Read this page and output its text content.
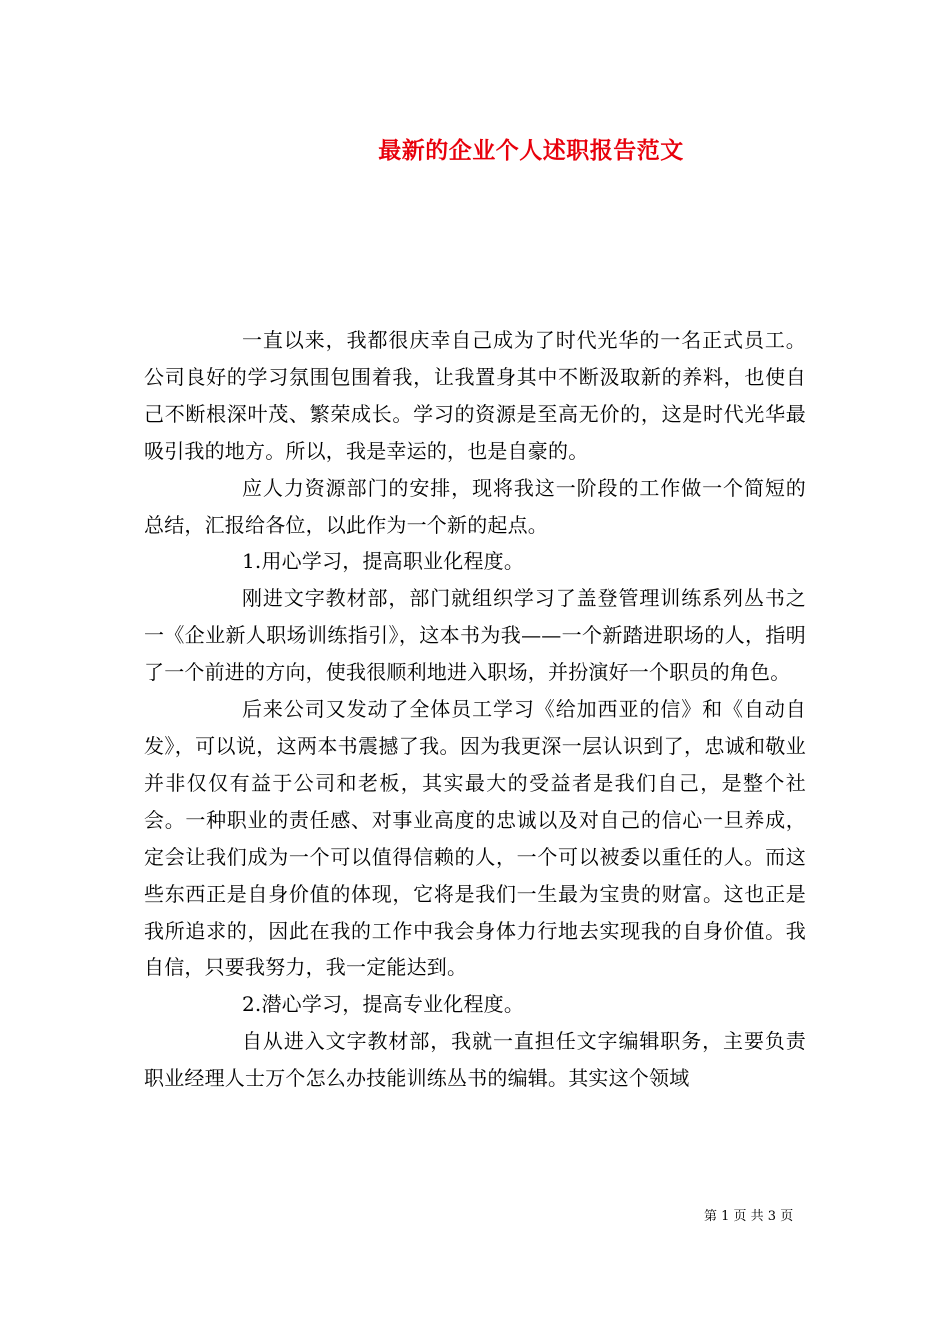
最新的企业个人述职报告范文

一直以来，我都很庆幸自己成为了时代光华的一名正式员工。公司良好的学习氛围包围着我，让我置身其中不断汲取新的养料，也使自己不断根深叶茂、繁荣成长。学习的资源是至高无价的，这是时代光华最吸引我的地方。所以，我是幸运的，也是自豪的。

应人力资源部门的安排，现将我这一阶段的工作做一个简短的总结，汇报给各位，以此作为一个新的起点。

1.用心学习，提高职业化程度。

刚进文字教材部，部门就组织学习了盖登管理训练系列丛书之一《企业新人职场训练指引》，这本书为我——一个新踏进职场的人，指明了一个前进的方向，使我很顺利地进入职场，并扮演好一个职员的角色。

后来公司又发动了全体员工学习《给加西亚的信》和《自动自发》，可以说，这两本书震撼了我。因为我更深一层认识到了，忠诚和敬业并非仅仅有益于公司和老板，其实最大的受益者是我们自己，是整个社会。一种职业的责任感、对事业高度的忠诚以及对自己的信心一旦养成，定会让我们成为一个可以值得信赖的人，一个可以被委以重任的人。而这些东西正是自身价值的体现，它将是我们一生最为宝贵的财富。这也正是我所追求的，因此在我的工作中我会身体力行地去实现我的自身价值。我自信，只要我努力，我一定能达到。

2.潜心学习，提高专业化程度。

自从进入文字教材部，我就一直担任文字编辑职务，主要负责职业经理人士万个怎么办技能训练丛书的编辑。其实这个领域

第 1 页 共 3 页
